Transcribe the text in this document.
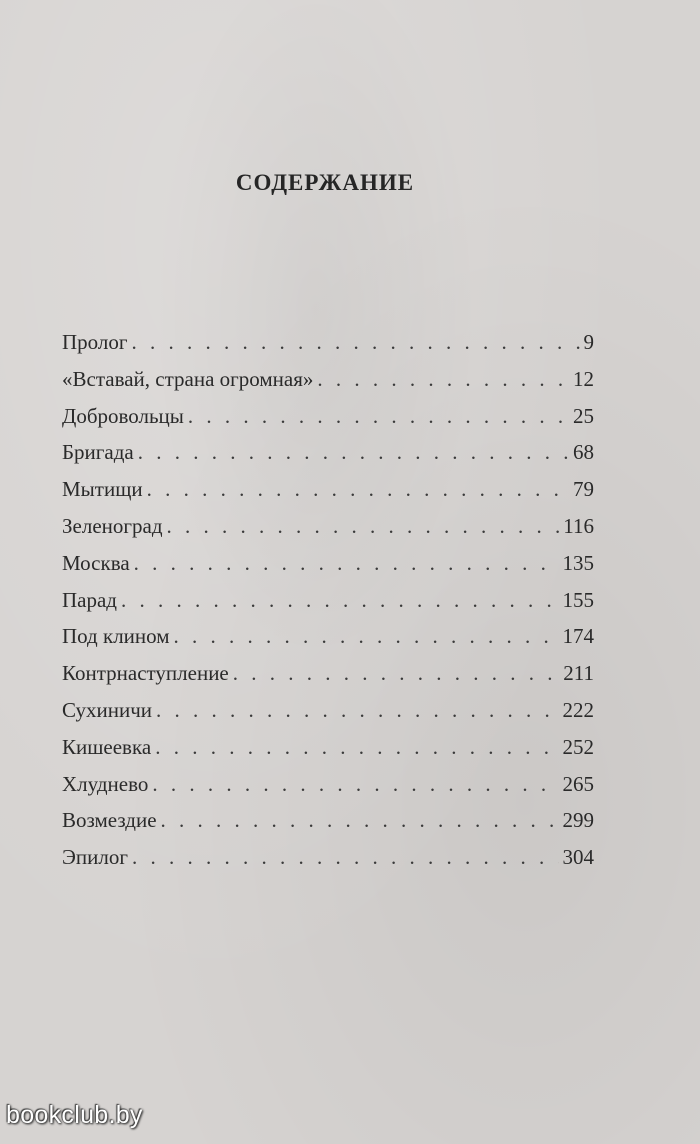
СОДЕРЖАНИЕ
Пролог . . .	9
«Вставай, страна огромная» . . .	12
Добровольцы . . .	25
Бригада . . .	68
Мытищи . . .	79
Зеленоград . . .	116
Москва . . .	135
Парад . . .	155
Под клином . . .	174
Контрнаступление . . .	211
Сухиничи . . .	222
Кишеевка . . .	252
Хлуднево . . .	265
Возмездие . . .	299
Эпилог . . .	304
bookclub.by
